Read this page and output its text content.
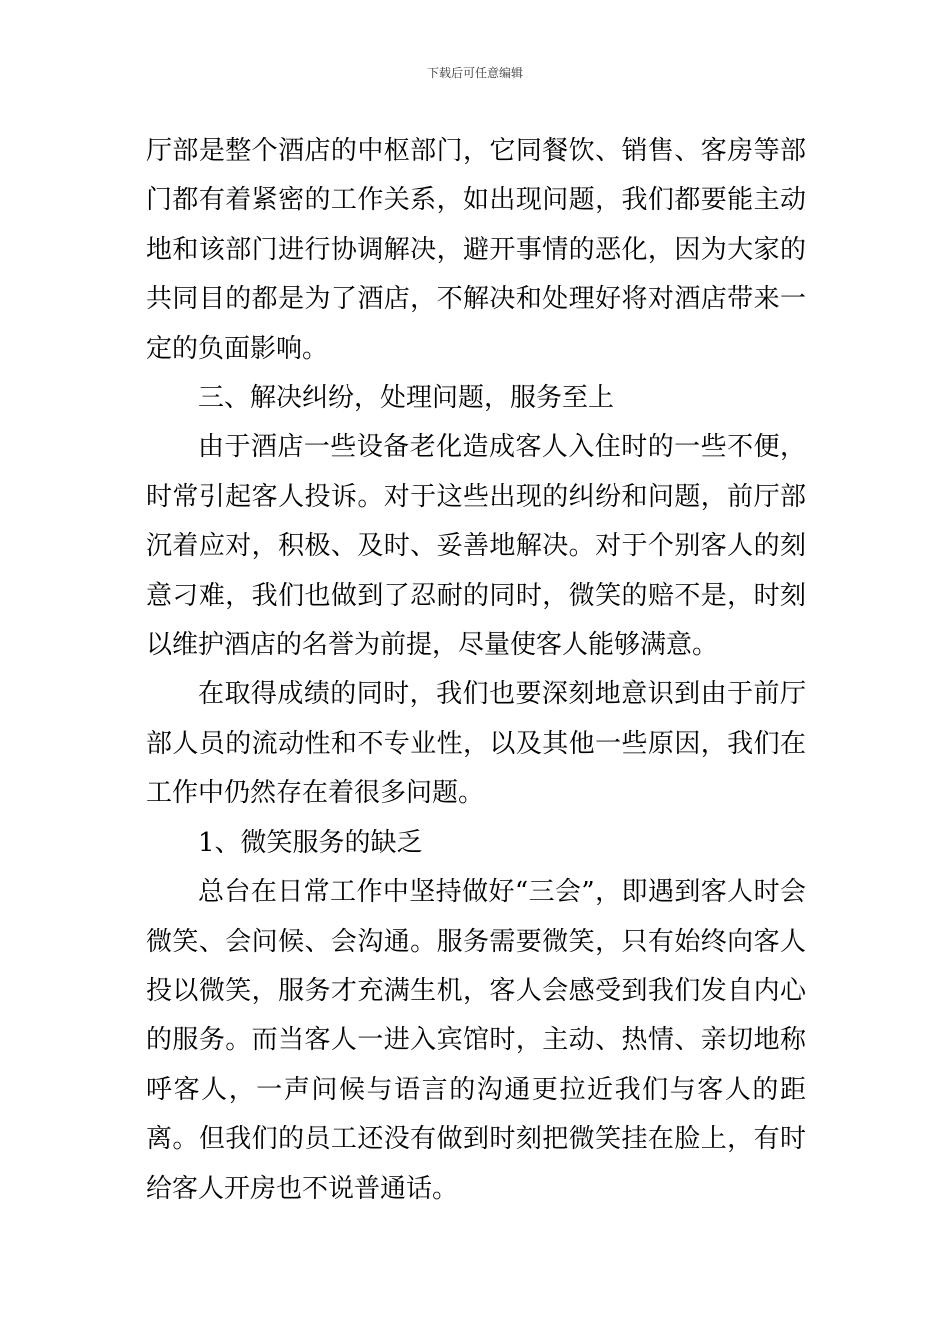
下载后可任意编辑

厅部是整个酒店的中枢部门，它同餐饮、销售、客房等部门都有着紧密的工作关系，如出现问题，我们都要能主动地和该部门进行协调解决，避开事情的恶化，因为大家的共同目的都是为了酒店，不解决和处理好将对酒店带来一定的负面影响。

三、解决纠纷，处理问题，服务至上

由于酒店一些设备老化造成客人入住时的一些不便，时常引起客人投诉。对于这些出现的纠纷和问题，前厅部沉着应对，积极、及时、妥善地解决。对于个别客人的刻意刁难，我们也做到了忍耐的同时，微笑的赔不是，时刻以维护酒店的名誉为前提，尽量使客人能够满意。

在取得成绩的同时，我们也要深刻地意识到由于前厅部人员的流动性和不专业性，以及其他一些原因，我们在工作中仍然存在着很多问题。

1、微笑服务的缺乏

总台在日常工作中坚持做好“三会”，即遇到客人时会微笑、会问候、会沟通。服务需要微笑，只有始终向客人投以微笑，服务才充满生机，客人会感受到我们发自内心的服务。而当客人一进入宾馆时，主动、热情、亲切地称呼客人，一声问候与语言的沟通更拉近我们与客人的距离。但我们的员工还没有做到时刻把微笑挂在脸上，有时给客人开房也不说普通话。
